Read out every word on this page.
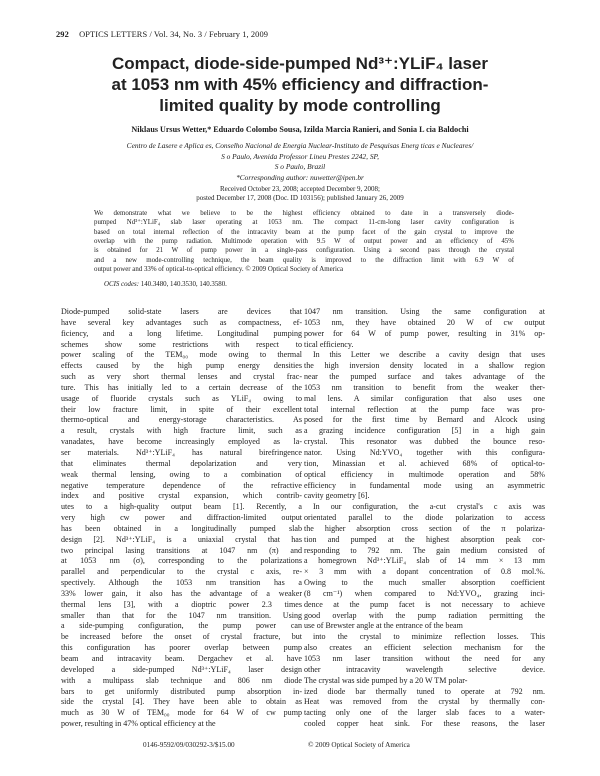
292 OPTICS LETTERS / Vol. 34, No. 3 / February 1, 2009
Compact, diode-side-pumped Nd³⁺:YLiF₄ laser
at 1053 nm with 45% efficiency and diffraction-
limited quality by mode controlling
Niklaus Ursus Wetter,* Eduardo Colombo Sousa, Izilda Marcia Ranieri, and Sonia L cia Baldochi
Centro de Lasere e Aplica es, Conselho Nacional de Energia Nuclear-Instituto de Pesquisas Energ ticas e Nucleares/
S o Paulo, Avenida Professor Lineu Prestes 2242, SP,
S o Paulo, Brazil
*Corresponding author: nuwetter@ipen.br
Received October 23, 2008; accepted December 9, 2008;
posted December 17, 2008 (Doc. ID 103156); published January 26, 2009
We demonstrate what we believe to be the highest efficiency obtained to date in a transversely diode-
pumped Nd³⁺:YLiF₄ slab laser operating at 1053 nm. The compact 11-cm-long laser cavity configuration is
based on total internal reflection of the intracavity beam at the pump facet of the gain crystal to improve the
overlap with the pump radiation. Multimode operation with 9.5 W of output power and an efficiency of 45%
is obtained for 21 W of pump power in a single-pass configuration. Using a second pass through the crystal
and a new mode-controlling technique, the beam quality is improved to the diffraction limit with 6.9 W of
output power and 33% of optical-to-optical efficiency. © 2009 Optical Society of America
OCIS codes: 140.3480, 140.3530, 140.3580.
Diode-pumped solid-state lasers are devices that
have several key advantages such as compactness, ef-
ficiency, and a long lifetime. Longitudinal pumping
schemes show some restrictions with respect to
power scaling of the TEM₀₀ mode owing to thermal
effects caused by the high pump energy densities
such as very short thermal lenses and crystal frac-
ture. This has initially led to a certain decrease of the
usage of fluoride crystals such as YLiF₄ owing to
their low fracture limit, in spite of their excellent
thermo-optical and energy-storage characteristics. As
a result, crystals with high fracture limit, such as
vanadates, have become increasingly employed as la-
ser materials. Nd³⁺:YLiF₄ has natural birefringence
that eliminates thermal depolarization and very
weak thermal lensing, owing to a combination of
negative temperature dependence of the refractive
index and positive crystal expansion, which contrib-
utes to a high-quality output beam [1]. Recently, a
very high cw power and diffraction-limited output
has been obtained in a longitudinally pumped slab
design [2]. Nd³⁺:YLiF₄ is a uniaxial crystal that has
two principal lasing transitions at 1047 nm (π) and
at 1053 nm (σ), corresponding to the polarizations
parallel and perpendicular to the crystal c axis, re-
spectively. Although the 1053 nm transition has a
33% lower gain, it also has the advantage of a weaker
thermal lens [3], with a dioptric power 2.3 times
smaller than that for the 1047 nm transition. Using
a side-pumping configuration, the pump power can
be increased before the onset of crystal fracture, but
this configuration has poorer overlap between pump
beam and intracavity beam. Dergachev et al. have
developed a side-pumped Nd³⁺:YLiF₄ laser design
with a multipass slab technique and 806 nm diode
bars to get uniformly distributed pump absorption in-
side the crystal [4]. They have been able to obtain as
much as 30 W of TEM₀₀ mode for 64 W of cw pump
power, resulting in 47% optical efficiency at the
1047 nm transition. Using the same configuration at
1053 nm, they have obtained 20 W of cw output
power for 64 W of pump power, resulting in 31% op-
tical efficiency.
In this Letter we describe a cavity design that uses
the high inversion density located in a shallow region
near the pumped surface and takes advantage of the
1053 nm transition to benefit from the weaker ther-
mal lens. A similar configuration that also uses one
total internal reflection at the pump face was pro-
posed for the first time by Bernard and Alcock using
a grazing incidence configuration [5] in a high gain
crystal. This resonator was dubbed the bounce reso-
nator. Using Nd:YVO₄ together with this configura-
tion, Minassian et al. achieved 68% of optical-to-
optical efficiency in multimode operation and 58%
efficiency in fundamental mode using an asymmetric
cavity geometry [6].
In our configuration, the a-cut crystal's c axis was
orientated parallel to the diode polarization to access
the higher absorption cross section of the π polariza-
tion and pumped at the highest absorption peak cor-
responding to 792 nm. The gain medium consisted of
a homegrown Nd³⁺:YLiF₄ slab of 14 mm × 13 mm
× 3 mm with a dopant concentration of 0.8 mol.%.
Owing to the much smaller absorption coefficient
(8 cm⁻¹) when compared to Nd:YVO₄, grazing inci-
dence at the pump facet is not necessary to achieve
good overlap with the pump radiation permitting the
use of Brewster angle at the entrance of the beam
into the crystal to minimize reflection losses. This
also creates an efficient selection mechanism for the
1053 nm laser transition without the need for any
other intracavity wavelength selective device.
The crystal was side pumped by a 20 W TM polar-
ized diode bar thermally tuned to operate at 792 nm.
Heat was removed from the crystal by thermally con-
tacting only one of the larger slab faces to a water-
cooled copper heat sink. For these reasons, the laser
0146-9592/09/030292-3/$15.00	© 2009 Optical Society of America
